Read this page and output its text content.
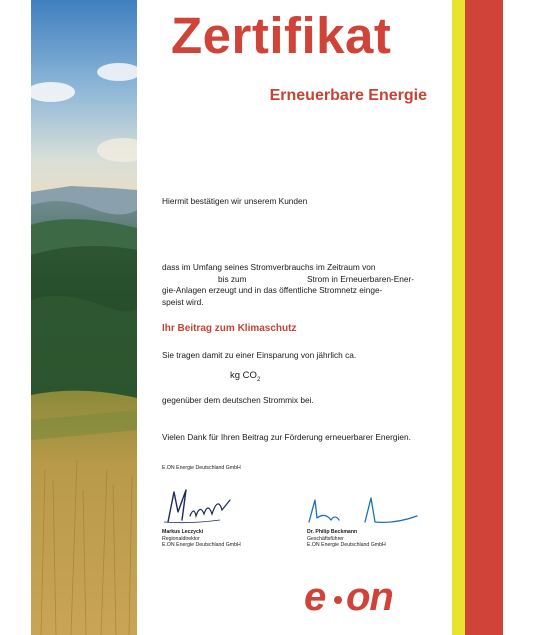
Zertifikat
Erneuerbare Energie
Hiermit bestätigen wir unserem Kunden
dass im Umfang seines Stromverbrauchs im Zeitraum von
bis zum	Strom in Erneuerbaren-Ener-
gie-Anlagen erzeugt und in das öffentliche Stromnetz einge-
speist wird.
Ihr Beitrag zum Klimaschutz
Sie tragen damit zu einer Einsparung von jährlich ca.
kg $CO_2$
gegenüber dem deutschen Strommix bei.
Vielen Dank für Ihren Beitrag zur Förderung erneuerbarer Energien.
E.ON Energie Deutschland GmbH
Markus Leczycki
Regionaldirektor
E.ON Energie Deutschland GmbH
Dr. Philip Beckmann
Geschäftsführer
E.ON Energie Deutschland GmbH
e on
